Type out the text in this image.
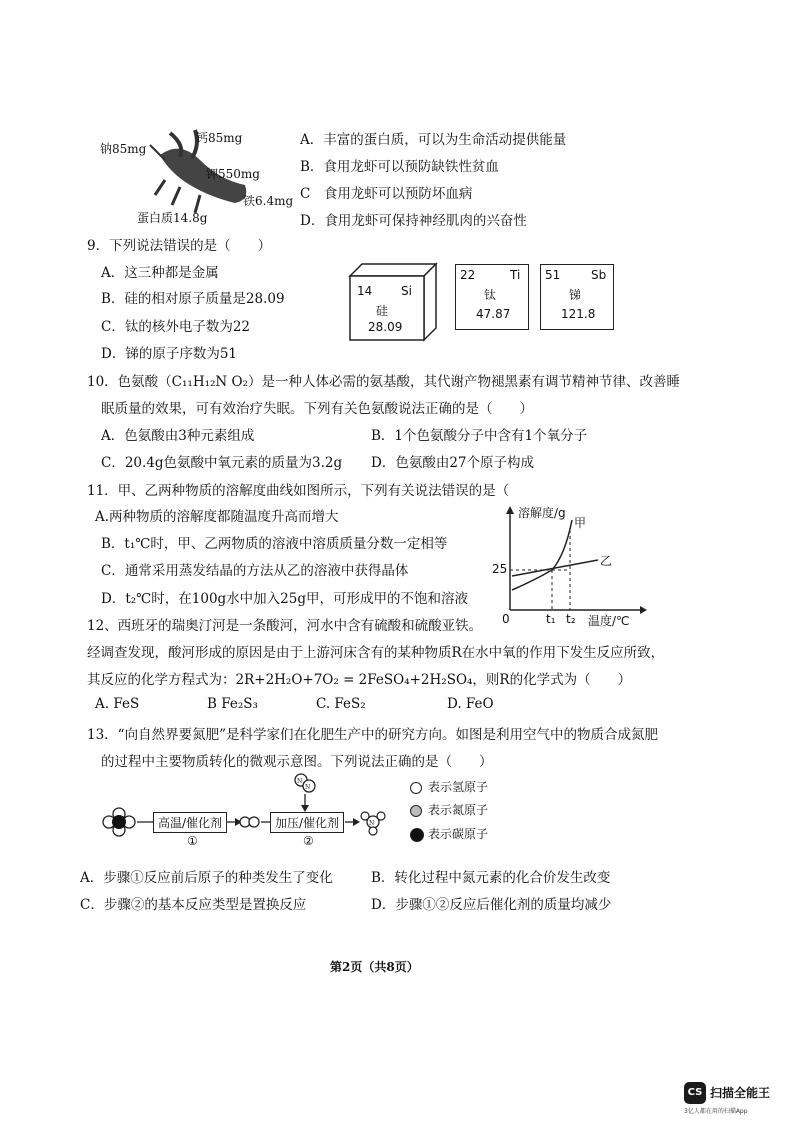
钠85mg
钙85mg
钾550mg
铁6.4mg
蛋白质14.8g
A．丰富的蛋白质，可以为生命活动提供能量
B．食用龙虾可以预防缺铁性贫血
C　食用龙虾可以预防坏血病
D．食用龙虾可保持神经肌肉的兴奋性
9．下列说法错误的是（　　）
A．这三种都是金属
B．硅的相对原子质量是28.09
C．钛的核外电子数为22
D．锑的原子序数为51
14 Si
硅
28.09
22	Ti
钛
47.87
51	Sb
锑
121.8
10．色氨酸（C₁₁H₁₂N O₂）是一种人体必需的氨基酸，其代谢产物褪黑素有调节精神节律、改善睡
眠质量的效果，可有效治疗失眠。下列有关色氨酸说法正确的是（　　）
A．色氨酸由3种元素组成	B．1个色氨酸分子中含有1个氧分子
C．20.4g色氨酸中氧元素的质量为3.2g D．色氨酸由27个原子构成
11．甲、乙两种物质的溶解度曲线如图所示，下列有关说法错误的是（
A.两种物质的溶解度都随温度升高而增大
B．t₁℃时，甲、乙两物质的溶液中溶质质量分数一定相等
C．通常采用蒸发结晶的方法从乙的溶液中获得晶体
D．t₂℃时，在100g水中加入25g甲，可形成甲的不饱和溶液
溶解度/g
25
0	t₁ t₂ 温度/℃
甲
乙
12、西班牙的瑞奥汀河是一条酸河，河水中含有硫酸和硫酸亚铁。
经调查发现，酸河形成的原因是由于上游河床含有的某种物质R在水中氧的作用下发生反应所致，
其反应的化学方程式为：2R+2H₂O+7O₂ = 2FeSO₄+2H₂SO₄，则R的化学式为（　　）
A. FeS	B Fe₂S₃	C. FeS₂	D. FeO
13．“向自然界要氮肥”是科学家们在化肥生产中的研究方向。如图是利用空气中的物质合成氮肥
的过程中主要物质转化的微观示意图。下列说法正确的是（　　）
N
N
N
高温/催化剂
①
加压/催化剂
②
表示氢原子
表示氮原子
表示碳原子
A．步骤①反应前后原子的种类发生了变化	B．转化过程中氮元素的化合价发生改变
C．步骤②的基本反应类型是置换反应	D．步骤①②反应后催化剂的质量均减少
第2页（共8页）
CS 扫描全能王
3亿人都在用的扫描App
